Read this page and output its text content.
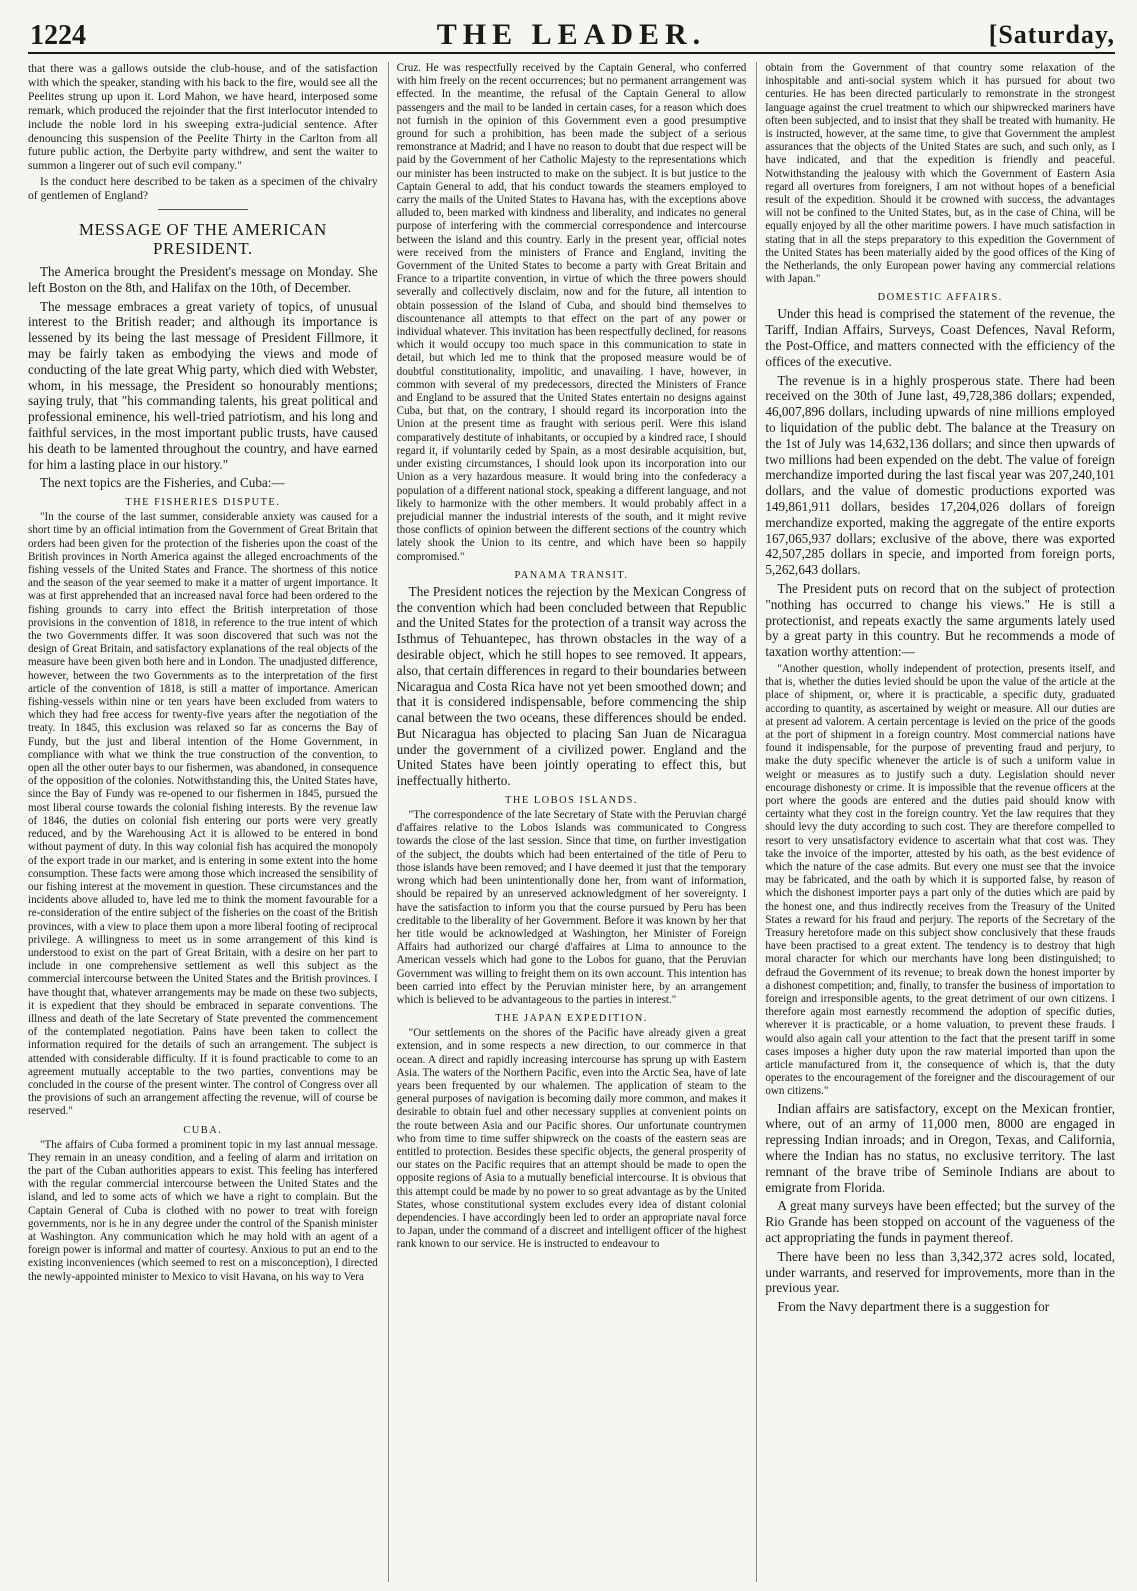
1224	THE LEADER.	[Saturday,

that there was a gallows outside the club-house, and of the satisfaction with which the speaker, standing with his back to the fire, would see all the Peelites strung up upon it. Lord Mahon, we have heard, interposed some remark, which produced the rejoinder that the first interlocutor intended to include the noble lord in his sweeping extra-judicial sentence. After denouncing this suspension of the Peelite Thirty in the Carlton from all future public action, the Derbyite party withdrew, and sent the waiter to summon a lingerer out of such evil company."

Is the conduct here described to be taken as a specimen of the chivalry of gentlemen of England?

MESSAGE OF THE AMERICAN PRESIDENT.

The America brought the President's message on Monday. She left Boston on the 8th, and Halifax on the 10th, of December.

The message embraces a great variety of topics, of unusual interest to the British reader; and although its importance is lessened by its being the last message of President Fillmore, it may be fairly taken as embodying the views and mode of conducting of the late great Whig party, which died with Webster, whom, in his message, the President so honourably mentions; saying truly, that "his commanding talents, his great political and professional eminence, his well-tried patriotism, and his long and faithful services, in the most important public trusts, have caused his death to be lamented throughout the country, and have earned for him a lasting place in our history."

The next topics are the Fisheries, and Cuba:—

THE FISHERIES DISPUTE.

"In the course of the last summer, considerable anxiety was caused for a short time by an official intimation from the Government of Great Britain that orders had been given for the protection of the fisheries upon the coast of the British provinces in North America against the alleged encroachments of the fishing vessels of the United States and France. The shortness of this notice and the season of the year seemed to make it a matter of urgent importance. It was at first apprehended that an increased naval force had been ordered to the fishing grounds to carry into effect the British interpretation of those provisions in the convention of 1818, in reference to the true intent of which the two Governments differ. It was soon discovered that such was not the design of Great Britain, and satisfactory explanations of the real objects of the measure have been given both here and in London. The unadjusted difference, however, between the two Governments as to the interpretation of the first article of the convention of 1818, is still a matter of importance. American fishing-vessels within nine or ten years have been excluded from waters to which they had free access for twenty-five years after the negotiation of the treaty. In 1845, this exclusion was relaxed so far as concerns the Bay of Fundy, but the just and liberal intention of the Home Government, in compliance with what we think the true construction of the convention, to open all the other outer bays to our fishermen, was abandoned, in consequence of the opposition of the colonies. Notwithstanding this, the United States have, since the Bay of Fundy was re-opened to our fishermen in 1845, pursued the most liberal course towards the colonial fishing interests. By the revenue law of 1846, the duties on colonial fish entering our ports were very greatly reduced, and by the Warehousing Act it is allowed to be entered in bond without payment of duty. In this way colonial fish has acquired the monopoly of the export trade in our market, and is entering in some extent into the home consumption. These facts were among those which increased the sensibility of our fishing interest at the movement in question. These circumstances and the incidents above alluded to, have led me to think the moment favourable for a re-consideration of the entire subject of the fisheries on the coast of the British provinces, with a view to place them upon a more liberal footing of reciprocal privilege. A willingness to meet us in some arrangement of this kind is understood to exist on the part of Great Britain, with a desire on her part to include in one comprehensive settlement as well this subject as the commercial intercourse between the United States and the British provinces. I have thought that, whatever arrangements may be made on these two subjects, it is expedient that they should be embraced in separate conventions. The illness and death of the late Secretary of State prevented the commencement of the contemplated negotiation. Pains have been taken to collect the information required for the details of such an arrangement. The subject is attended with considerable difficulty. If it is found practicable to come to an agreement mutually acceptable to the two parties, conventions may be concluded in the course of the present winter. The control of Congress over all the provisions of such an arrangement affecting the revenue, will of course be reserved."

CUBA.

"The affairs of Cuba formed a prominent topic in my last annual message. They remain in an uneasy condition, and a feeling of alarm and irritation on the part of the Cuban authorities appears to exist. This feeling has interfered with the regular commercial intercourse between the United States and the island, and led to some acts of which we have a right to complain. But the Captain General of Cuba is clothed with no power to treat with foreign governments, nor is he in any degree under the control of the Spanish minister at Washington. Any communication which he may hold with an agent of a foreign power is informal and matter of courtesy. Anxious to put an end to the existing inconveniences (which seemed to rest on a misconception), I directed the newly-appointed minister to Mexico to visit Havana, on his way to Vera

Cruz. He was respectfully received by the Captain General, who conferred with him freely on the recent occurrences; but no permanent arrangement was effected. In the meantime, the refusal of the Captain General to allow passengers and the mail to be landed in certain cases, for a reason which does not furnish in the opinion of this Government even a good presumptive ground for such a prohibition, has been made the subject of a serious remonstrance at Madrid; and I have no reason to doubt that due respect will be paid by the Government of her Catholic Majesty to the representations which our minister has been instructed to make on the subject. It is but justice to the Captain General to add, that his conduct towards the steamers employed to carry the mails of the United States to Havana has, with the exceptions above alluded to, been marked with kindness and liberality, and indicates no general purpose of interfering with the commercial correspondence and intercourse between the island and this country. Early in the present year, official notes were received from the ministers of France and England, inviting the Government of the United States to become a party with Great Britain and France to a tripartite convention, in virtue of which the three powers should severally and collectively disclaim, now and for the future, all intention to obtain possession of the Island of Cuba, and should bind themselves to discountenance all attempts to that effect on the part of any power or individual whatever. This invitation has been respectfully declined, for reasons which it would occupy too much space in this communication to state in detail, but which led me to think that the proposed measure would be of doubtful constitutionality, impolitic, and unavailing. I have, however, in common with several of my predecessors, directed the Ministers of France and England to be assured that the United States entertain no designs against Cuba, but that, on the contrary, I should regard its incorporation into the Union at the present time as fraught with serious peril. Were this island comparatively destitute of inhabitants, or occupied by a kindred race, I should regard it, if voluntarily ceded by Spain, as a most desirable acquisition, but, under existing circumstances, I should look upon its incorporation into our Union as a very hazardous measure. It would bring into the confederacy a population of a different national stock, speaking a different language, and not likely to harmonize with the other members. It would probably affect in a prejudicial manner the industrial interests of the south, and it might revive those conflicts of opinion between the different sections of the country which lately shook the Union to its centre, and which have been so happily compromised."

PANAMA TRANSIT.

The President notices the rejection by the Mexican Congress of the convention which had been concluded between that Republic and the United States for the protection of a transit way across the Isthmus of Tehuantepec, has thrown obstacles in the way of a desirable object, which he still hopes to see removed. It appears, also, that certain differences in regard to their boundaries between Nicaragua and Costa Rica have not yet been smoothed down; and that it is considered indispensable, before commencing the ship canal between the two oceans, these differences should be ended. But Nicaragua has objected to placing San Juan de Nicaragua under the government of a civilized power. England and the United States have been jointly operating to effect this, but ineffectually hitherto.

THE LOBOS ISLANDS.

"The correspondence of the late Secretary of State with the Peruvian chargé d'affaires relative to the Lobos Islands was communicated to Congress towards the close of the last session. Since that time, on further investigation of the subject, the doubts which had been entertained of the title of Peru to those islands have been removed; and I have deemed it just that the temporary wrong which had been unintentionally done her, from want of information, should be repaired by an unreserved acknowledgment of her sovereignty. I have the satisfaction to inform you that the course pursued by Peru has been creditable to the liberality of her Government. Before it was known by her that her title would be acknowledged at Washington, her Minister of Foreign Affairs had authorized our chargé d'affaires at Lima to announce to the American vessels which had gone to the Lobos for guano, that the Peruvian Government was willing to freight them on its own account. This intention has been carried into effect by the Peruvian minister here, by an arrangement which is believed to be advantageous to the parties in interest."

THE JAPAN EXPEDITION.

"Our settlements on the shores of the Pacific have already given a great extension, and in some respects a new direction, to our commerce in that ocean. A direct and rapidly increasing intercourse has sprung up with Eastern Asia. The waters of the Northern Pacific, even into the Arctic Sea, have of late years been frequented by our whalemen. The application of steam to the general purposes of navigation is becoming daily more common, and makes it desirable to obtain fuel and other necessary supplies at convenient points on the route between Asia and our Pacific shores. Our unfortunate countrymen who from time to time suffer shipwreck on the coasts of the eastern seas are entitled to protection. Besides these specific objects, the general prosperity of our states on the Pacific requires that an attempt should be made to open the opposite regions of Asia to a mutually beneficial intercourse. It is obvious that this attempt could be made by no power to so great advantage as by the United States, whose constitutional system excludes every idea of distant colonial dependencies. I have accordingly been led to order an appropriate naval force to Japan, under the command of a discreet and intelligent officer of the highest rank known to our service. He is instructed to endeavour to

obtain from the Government of that country some relaxation of the inhospitable and anti-social system which it has pursued for about two centuries. He has been directed particularly to remonstrate in the strongest language against the cruel treatment to which our shipwrecked mariners have often been subjected, and to insist that they shall be treated with humanity. He is instructed, however, at the same time, to give that Government the amplest assurances that the objects of the United States are such, and such only, as I have indicated, and that the expedition is friendly and peaceful. Notwithstanding the jealousy with which the Government of Eastern Asia regard all overtures from foreigners, I am not without hopes of a beneficial result of the expedition. Should it be crowned with success, the advantages will not be confined to the United States, but, as in the case of China, will be equally enjoyed by all the other maritime powers. I have much satisfaction in stating that in all the steps preparatory to this expedition the Government of the United States has been materially aided by the good offices of the King of the Netherlands, the only European power having any commercial relations with Japan."

DOMESTIC AFFAIRS.

Under this head is comprised the statement of the revenue, the Tariff, Indian Affairs, Surveys, Coast Defences, Naval Reform, the Post-Office, and matters connected with the efficiency of the offices of the executive.

The revenue is in a highly prosperous state. There had been received on the 30th of June last, 49,728,386 dollars; expended, 46,007,896 dollars, including upwards of nine millions employed to liquidation of the public debt. The balance at the Treasury on the 1st of July was 14,632,136 dollars; and since then upwards of two millions had been expended on the debt. The value of foreign merchandize imported during the last fiscal year was 207,240,101 dollars, and the value of domestic productions exported was 149,861,911 dollars, besides 17,204,026 dollars of foreign merchandize exported, making the aggregate of the entire exports 167,065,937 dollars; exclusive of the above, there was exported 42,507,285 dollars in specie, and imported from foreign ports, 5,262,643 dollars.

The President puts on record that on the subject of protection "nothing has occurred to change his views." He is still a protectionist, and repeats exactly the same arguments lately used by a great party in this country. But he recommends a mode of taxation worthy attention:—

"Another question, wholly independent of protection, presents itself, and that is, whether the duties levied should be upon the value of the article at the place of shipment, or, where it is practicable, a specific duty, graduated according to quantity, as ascertained by weight or measure. All our duties are at present ad valorem. A certain percentage is levied on the price of the goods at the port of shipment in a foreign country. Most commercial nations have found it indispensable, for the purpose of preventing fraud and perjury, to make the duty specific whenever the article is of such a uniform value in weight or measures as to justify such a duty. Legislation should never encourage dishonesty or crime. It is impossible that the revenue officers at the port where the goods are entered and the duties paid should know with certainty what they cost in the foreign country. Yet the law requires that they should levy the duty according to such cost. They are therefore compelled to resort to very unsatisfactory evidence to ascertain what that cost was. They take the invoice of the importer, attested by his oath, as the best evidence of which the nature of the case admits. But every one must see that the invoice may be fabricated, and the oath by which it is supported false, by reason of which the dishonest importer pays a part only of the duties which are paid by the honest one, and thus indirectly receives from the Treasury of the United States a reward for his fraud and perjury. The reports of the Secretary of the Treasury heretofore made on this subject show conclusively that these frauds have been practised to a great extent. The tendency is to destroy that high moral character for which our merchants have long been distinguished; to defraud the Government of its revenue; to break down the honest importer by a dishonest competition; and, finally, to transfer the business of importation to foreign and irresponsible agents, to the great detriment of our own citizens. I therefore again most earnestly recommend the adoption of specific duties, wherever it is practicable, or a home valuation, to prevent these frauds. I would also again call your attention to the fact that the present tariff in some cases imposes a higher duty upon the raw material imported than upon the article manufactured from it, the consequence of which is, that the duty operates to the encouragement of the foreigner and the discouragement of our own citizens."

Indian affairs are satisfactory, except on the Mexican frontier, where, out of an army of 11,000 men, 8000 are engaged in repressing Indian inroads; and in Oregon, Texas, and California, where the Indian has no status, no exclusive territory. The last remnant of the brave tribe of Seminole Indians are about to emigrate from Florida.

A great many surveys have been effected; but the survey of the Rio Grande has been stopped on account of the vagueness of the act appropriating the funds in payment thereof.

There have been no less than 3,342,372 acres sold, located, under warrants, and reserved for improvements, more than in the previous year.

From the Navy department there is a suggestion for
